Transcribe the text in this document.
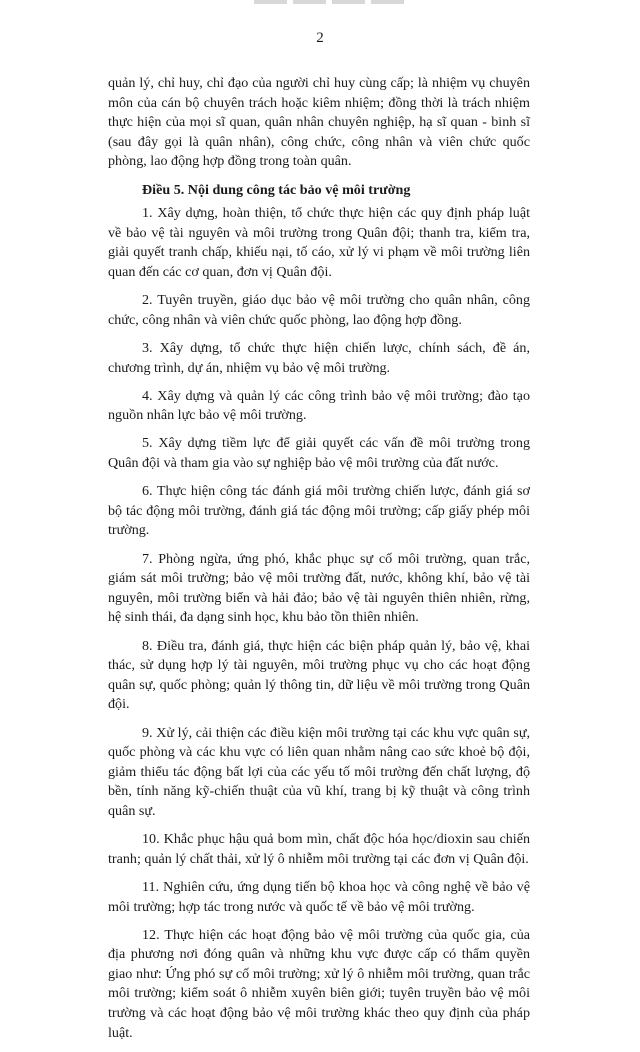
2

quản lý, chỉ huy, chỉ đạo của người chỉ huy cùng cấp; là nhiệm vụ chuyên môn của cán bộ chuyên trách hoặc kiêm nhiệm; đồng thời là trách nhiệm thực hiện của mọi sĩ quan, quân nhân chuyên nghiệp, hạ sĩ quan - binh sĩ (sau đây gọi là quân nhân), công chức, công nhân và viên chức quốc phòng, lao động hợp đồng trong toàn quân.

Điều 5. Nội dung công tác bảo vệ môi trường

1. Xây dựng, hoàn thiện, tổ chức thực hiện các quy định pháp luật về bảo vệ tài nguyên và môi trường trong Quân đội; thanh tra, kiểm tra, giải quyết tranh chấp, khiếu nại, tố cáo, xử lý vi phạm về môi trường liên quan đến các cơ quan, đơn vị Quân đội.

2. Tuyên truyền, giáo dục bảo vệ môi trường cho quân nhân, công chức, công nhân và viên chức quốc phòng, lao động hợp đồng.

3. Xây dựng, tổ chức thực hiện chiến lược, chính sách, đề án, chương trình, dự án, nhiệm vụ bảo vệ môi trường.

4. Xây dựng và quản lý các công trình bảo vệ môi trường; đào tạo nguồn nhân lực bảo vệ môi trường.

5. Xây dựng tiềm lực để giải quyết các vấn đề môi trường trong Quân đội và tham gia vào sự nghiệp bảo vệ môi trường của đất nước.

6. Thực hiện công tác đánh giá môi trường chiến lược, đánh giá sơ bộ tác động môi trường, đánh giá tác động môi trường; cấp giấy phép môi trường.

7. Phòng ngừa, ứng phó, khắc phục sự cố môi trường, quan trắc, giám sát môi trường; bảo vệ môi trường đất, nước, không khí, bảo vệ tài nguyên, môi trường biển và hải đảo; bảo vệ tài nguyên thiên nhiên, rừng, hệ sinh thái, đa dạng sinh học, khu bảo tồn thiên nhiên.

8. Điều tra, đánh giá, thực hiện các biện pháp quản lý, bảo vệ, khai thác, sử dụng hợp lý tài nguyên, môi trường phục vụ cho các hoạt động quân sự, quốc phòng; quản lý thông tin, dữ liệu về môi trường trong Quân đội.

9. Xử lý, cải thiện các điều kiện môi trường tại các khu vực quân sự, quốc phòng và các khu vực có liên quan nhằm nâng cao sức khoẻ bộ đội, giảm thiểu tác động bất lợi của các yếu tố môi trường đến chất lượng, độ bền, tính năng kỹ-chiến thuật của vũ khí, trang bị kỹ thuật và công trình quân sự.

10. Khắc phục hậu quả bom mìn, chất độc hóa học/dioxin sau chiến tranh; quản lý chất thải, xử lý ô nhiễm môi trường tại các đơn vị Quân đội.

11. Nghiên cứu, ứng dụng tiến bộ khoa học và công nghệ về bảo vệ môi trường; hợp tác trong nước và quốc tế về bảo vệ môi trường.

12. Thực hiện các hoạt động bảo vệ môi trường của quốc gia, của địa phương nơi đóng quân và những khu vực được cấp có thẩm quyền giao như: Ứng phó sự cố môi trường; xử lý ô nhiễm môi trường, quan trắc môi trường; kiểm soát ô nhiễm xuyên biên giới; tuyên truyền bảo vệ môi trường và các hoạt động bảo vệ môi trường khác theo quy định của pháp luật.
